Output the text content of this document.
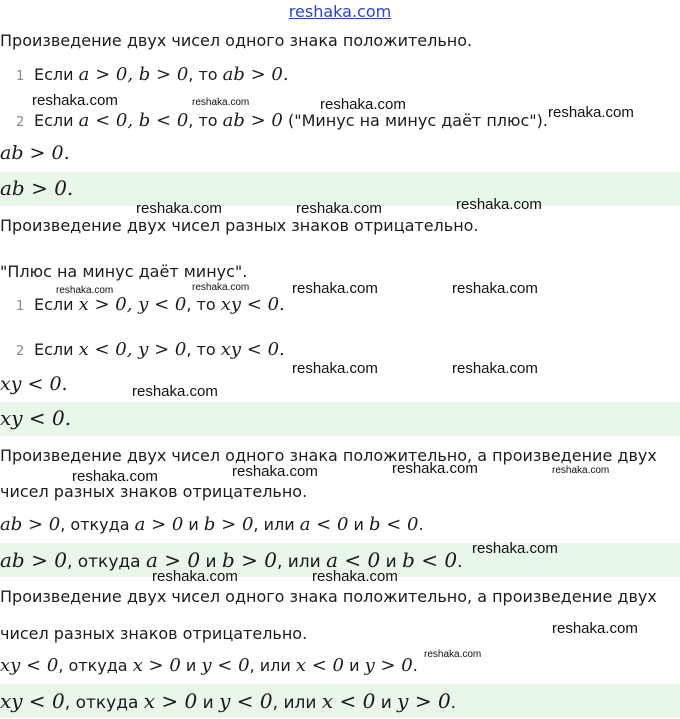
reshaka.com
Произведение двух чисел одного знака положительно.
1 Если a > 0, b > 0, то ab > 0.
2 Если a < 0, b < 0, то ab > 0 ("Минус на минус даёт плюс").
ab > 0.
ab > 0.
Произведение двух чисел разных знаков отрицательно.
"Плюс на минус даёт минус".
1 Если x > 0, y < 0, то xy < 0.
2 Если x < 0, y > 0, то xy < 0.
xy < 0.
xy < 0.
Произведение двух чисел одного знака положительно, а произведение двух
чисел разных знаков отрицательно.
ab > 0, откуда a > 0 и b > 0, или a < 0 и b < 0.
ab > 0, откуда a > 0 и b > 0, или a < 0 и b < 0.
Произведение двух чисел одного знака положительно, а произведение двух
чисел разных знаков отрицательно.
xy < 0, откуда x > 0 и y < 0, или x < 0 и y > 0.
xy < 0, откуда x > 0 и y < 0, или x < 0 и y > 0.
reshaka.com	reshaka.com	reshaka.com	reshaka.com
reshaka.com	reshaka.com	reshaka.com
reshaka.com	reshaka.com	reshaka.com	reshaka.com
reshaka.com	reshaka.com
reshaka.com
reshaka.com	reshaka.com	reshaka.com	reshaka.com
reshaka.com
reshaka.com	reshaka.com
reshaka.com
reshaka.com
